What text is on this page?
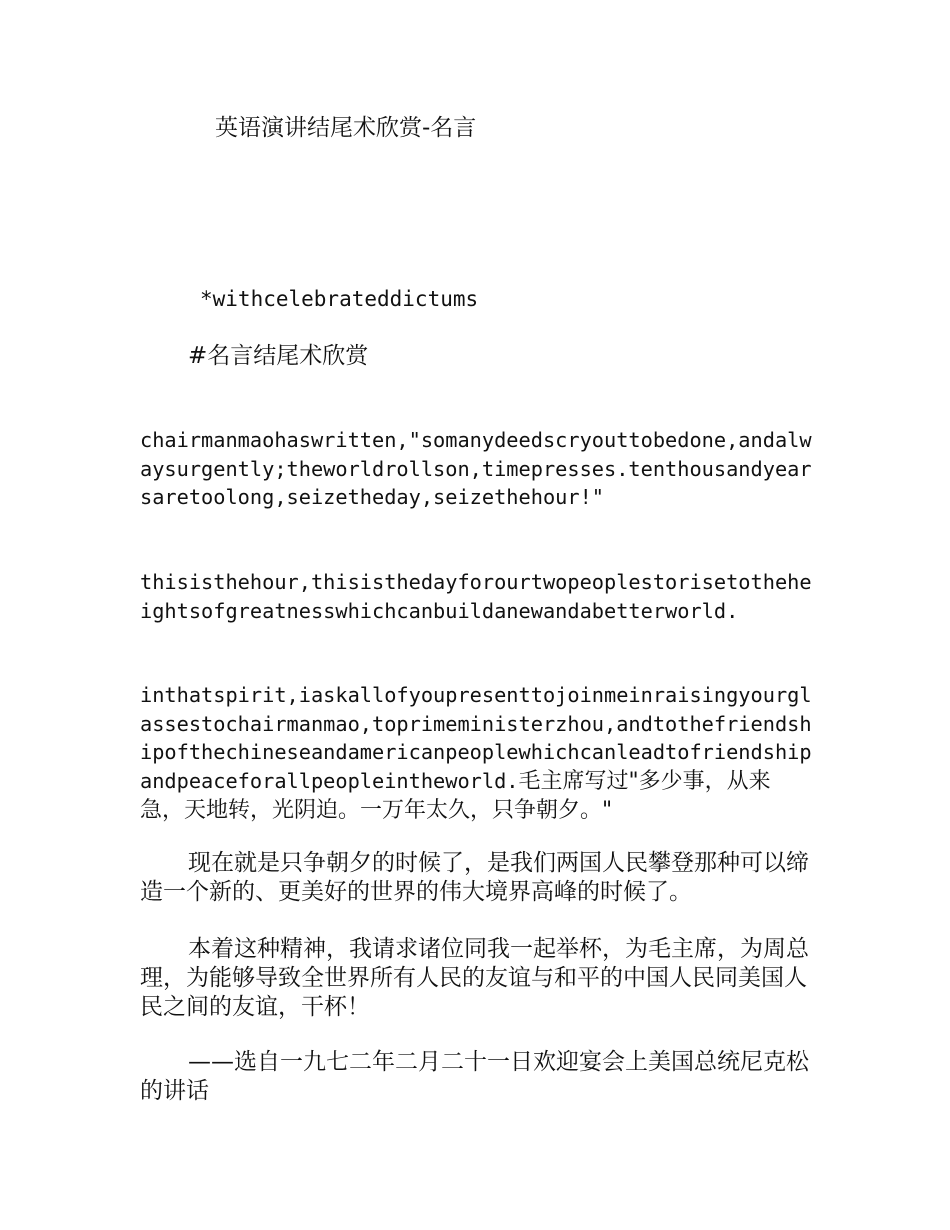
英语演讲结尾术欣赏-名言
*withcelebrateddictums
#名言结尾术欣赏
chairmanmaohaswritten,"somanydeedscryouttobedone,andalwaysurgently;theworldrollson,timepresses.tenthousandyearsaretoolong,seizetheday,seizethehour!"
thisisthehour,thisisthedayforourtwopeoplestorisetotheheightsofgreatnesswhichcanbuildanewandabetterworld.
inthatspirit,iaskallofyoupresenttojoinmeinraisingyourglassestochairmanmao,toprimeministerzhou,andtothefriendshipofthechineseandamericanpeoplewhichcanleadtofriendshipandpeaceforallpeopleintheworld.毛主席写过"多少事，从来急，天地转，光阴迫。一万年太久，只争朝夕。"
现在就是只争朝夕的时候了，是我们两国人民攀登那种可以缔造一个新的、更美好的世界的伟大境界高峰的时候了。
本着这种精神，我请求诸位同我一起举杯，为毛主席，为周总理，为能够导致全世界所有人民的友谊与和平的中国人民同美国人民之间的友谊，干杯！
——选自一九七二年二月二十一日欢迎宴会上美国总统尼克松的讲话
